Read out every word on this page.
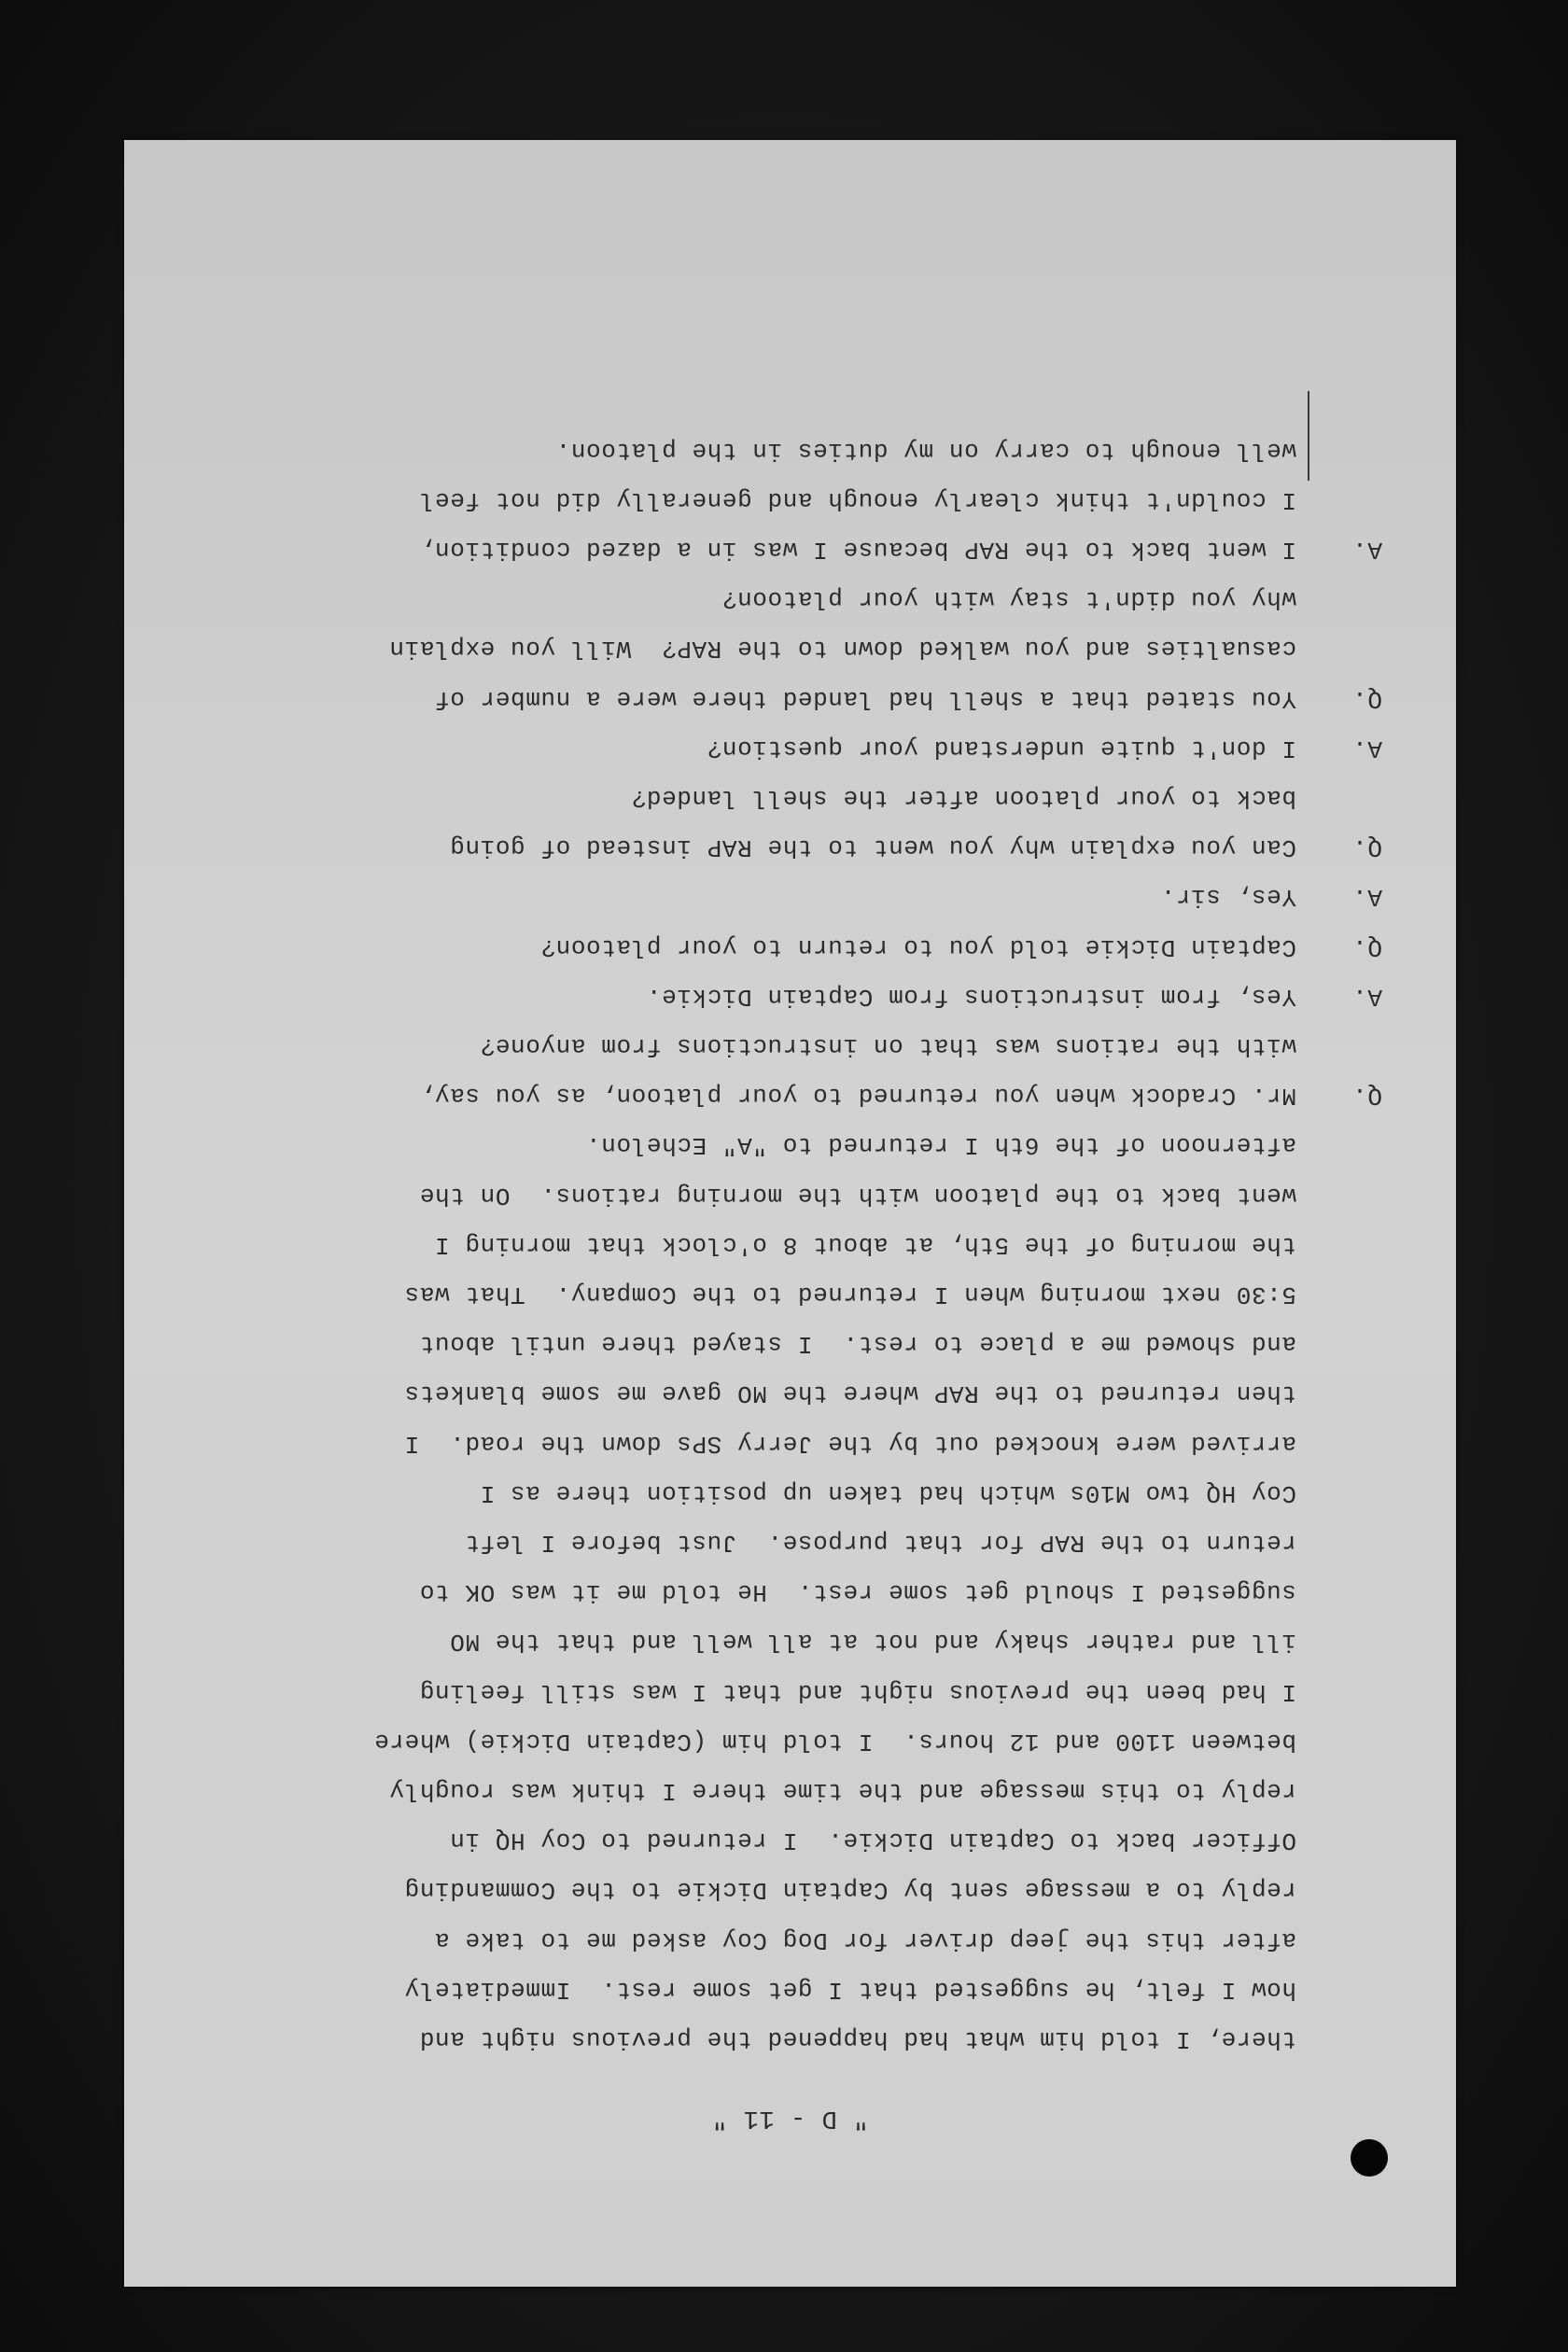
" D - 11 "
there, I told him what had happened the previous night and
how I felt, he suggested that I get some rest.  Immediately
after this the jeep driver for Dog Coy asked me to take a
reply to a message sent by Captain Dickie to the Commanding
Officer back to Captain Dickie.  I returned to Coy HQ in
reply to this message and the time there I think was roughly
between 1100 and 12 hours.  I told him (Captain Dickie) where
I had been the previous night and that I was still feeling
ill and rather shaky and not at all well and that the MO
suggested I should get some rest.  He told me it was OK to
return to the RAP for that purpose.  Just before I left
Coy HQ two M10s which had taken up position there as I
arrived were knocked out by the Jerry SPs down the road.  I
then returned to the RAP where the MO gave me some blankets
and showed me a place to rest.  I stayed there until about
5:30 next morning when I returned to the Company.  That was
the morning of the 5th, at about 8 o'clock that morning I
went back to the platoon with the morning rations.  On the
afternoon of the 6th I returned to "A" Echelon.
Q.
Mr. Cradock when you returned to your platoon, as you say,
with the rations was that on instructions from anyone?
A.
Yes, from instructions from Captain Dickie.
Q.
Captain Dickie told you to return to your platoon?
A.
Yes, sir.
Q.
Can you explain why you went to the RAP instead of going
back to your platoon after the shell landed?
A.
I don't quite understand your question?
Q.
You stated that a shell had landed there were a number of
casualties and you walked down to the RAP?  Will you explain
why you didn't stay with your platoon?
A.
I went back to the RAP because I was in a dazed condition,
I couldn't think clearly enough and generally did not feel
well enough to carry on my duties in the platoon.
